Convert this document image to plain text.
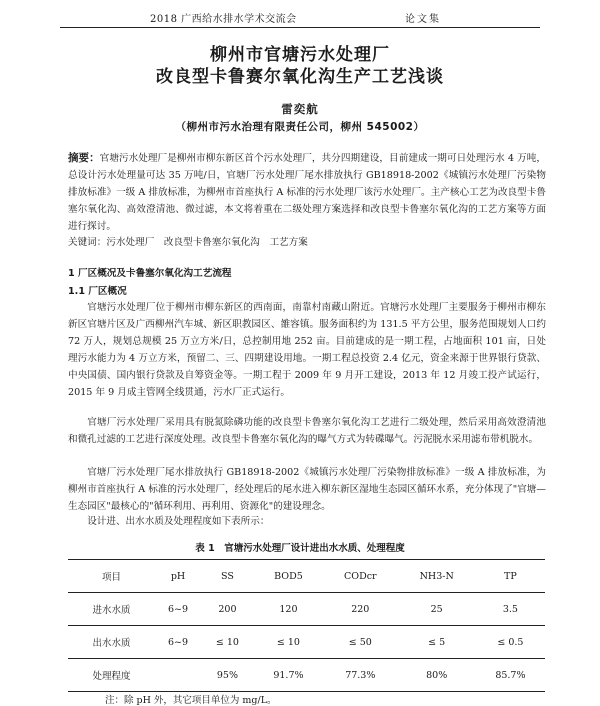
2018 广西给水排水学术交流会	论文集
柳州市官塘污水处理厂
改良型卡鲁赛尔氧化沟生产工艺浅谈
雷奕航
（柳州市污水治理有限责任公司，柳州 545002）
摘要：官塘污水处理厂是柳州市柳东新区首个污水处理厂，共分四期建设，目前建成一期可日处理污水 4 万吨，总设计污水处理量可达 35 万吨/日，官塘厂污水处理厂尾水排放执行 GB18918-2002《城镇污水处理厂污染物排放标准》一级 A 排放标准，为柳州市首座执行 A 标准的污水处理厂该污水处理厂。主产核心工艺为改良型卡鲁塞尔氧化沟、高效澄清池、微过滤，本文将着重在二级处理方案选择和改良型卡鲁塞尔氧化沟的工艺方案等方面进行探讨。
关键词：污水处理厂　改良型卡鲁塞尔氧化沟　工艺方案
1 厂区概况及卡鲁塞尔氧化沟工艺流程
1.1 厂区概况
官塘污水处理厂位于柳州市柳东新区的西南面，南靠村南藏山附近。官塘污水处理厂主要服务于柳州市柳东新区官塘片区及广西柳州汽车城、新区职教园区、雒容镇。服务面积约为 131.5 平方公里，服务范围规划人口约 72 万人，规划总规模 25 万立方米/日，总控制用地 252 亩。目前建成的是一期工程，占地面积 101 亩，日处理污水能力为 4 万立方米，预留二、三、四期建设用地。一期工程总投资 2.4 亿元，资金来源于世界银行贷款、中央国债、国内银行贷款及自筹资金等。一期工程于 2009 年 9 月开工建设，2013 年 12 月竣工投产试运行，2015 年 9 月成主管网全线贯通，污水厂正式运行。
官塘厂污水处理厂采用具有脱氮除磷功能的改良型卡鲁塞尔氧化沟工艺进行二级处理，然后采用高效澄清池和微孔过滤的工艺进行深度处理。改良型卡鲁塞尔氧化沟的曝气方式为转碟曝气。污泥脱水采用滤布带机脱水。
官塘厂污水处理厂尾水排放执行 GB18918-2002《城镇污水处理厂污染物排放标准》一级 A 排放标准，为柳州市首座执行 A 标准的污水处理厂，经处理后的尾水进入柳东新区湿地生态园区循环水系，充分体现了"官塘—生态园区"最核心的"循环利用、再利用、资源化"的建设理念。
设计进、出水水质及处理程度如下表所示：
表 1　 官塘污水处理厂设计进出水水质、处理程度
项目	pH	SS	BOD5	CODcr	NH3-N	TP
进水水质	6~9	200	120	220	25	3.5
出水水质	6~9	≤ 10	≤ 10	≤ 50	≤ 5	≤ 0.5
处理程度		95%	91.7%	77.3%	80%	85.7%
注：除 pH 外，其它项目单位为 mg/L。
